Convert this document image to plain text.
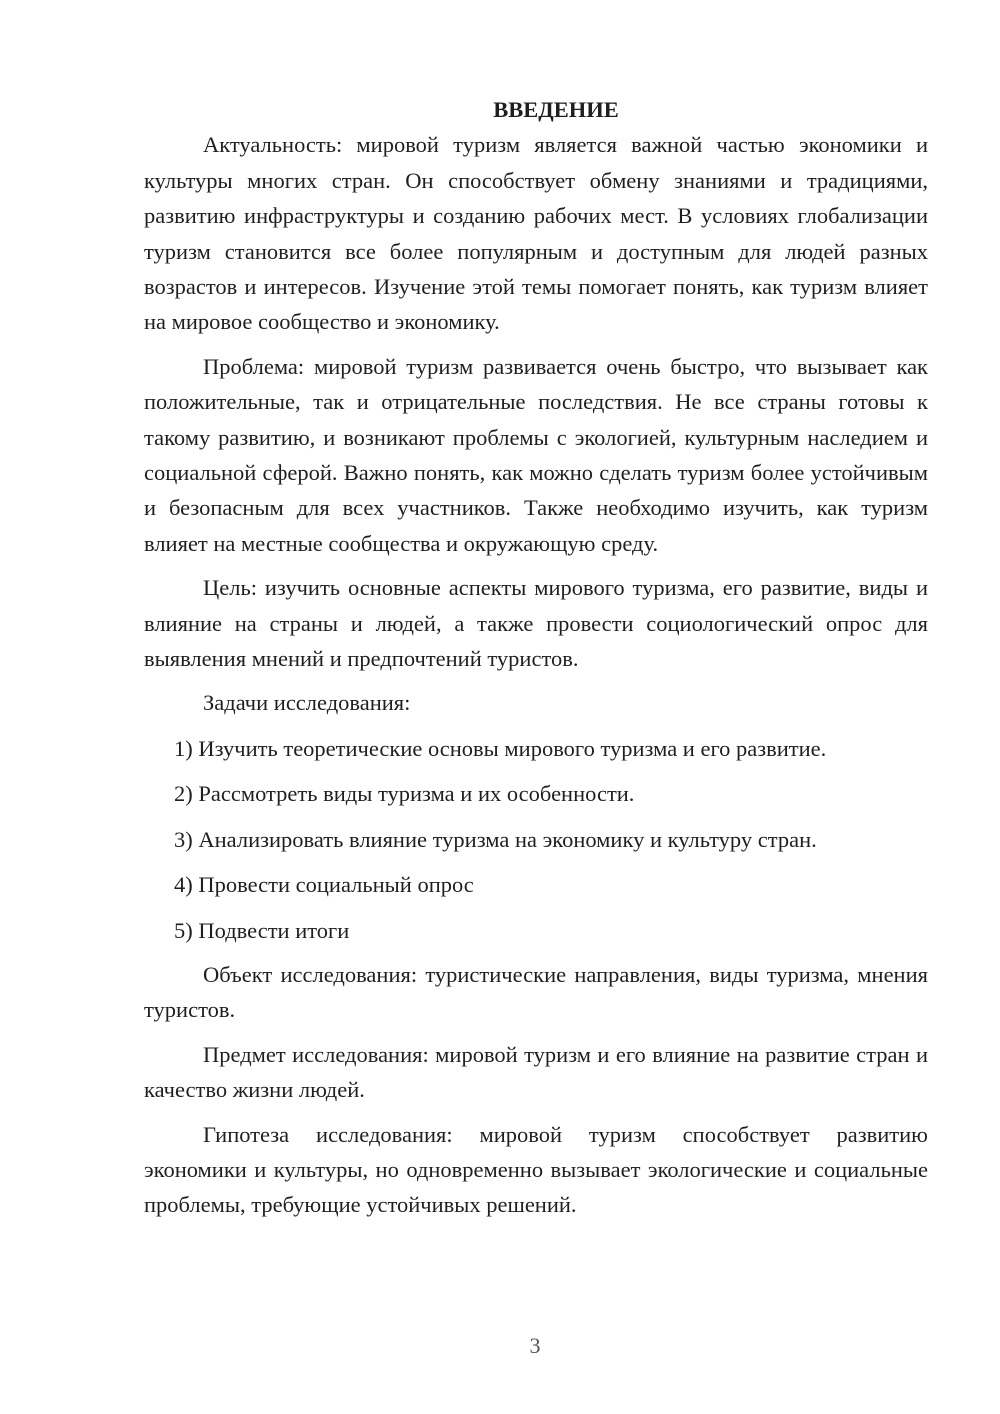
ВВЕДЕНИЕ

Актуальность: мировой туризм является важной частью экономики и культуры многих стран. Он способствует обмену знаниями и традициями, развитию инфраструктуры и созданию рабочих мест. В условиях глобализации туризм становится все более популярным и доступным для людей разных возрастов и интересов. Изучение этой темы помогает понять, как туризм влияет на мировое сообщество и экономику.

Проблема: мировой туризм развивается очень быстро, что вызывает как положительные, так и отрицательные последствия. Не все страны готовы к такому развитию, и возникают проблемы с экологией, культурным наследием и социальной сферой. Важно понять, как можно сделать туризм более устойчивым и безопасным для всех участников. Также необходимо изучить, как туризм влияет на местные сообщества и окружающую среду.

Цель: изучить основные аспекты мирового туризма, его развитие, виды и влияние на страны и людей, а также провести социологический опрос для выявления мнений и предпочтений туристов.

Задачи исследования:

1) Изучить теоретические основы мирового туризма и его развитие.
2) Рассмотреть виды туризма и их особенности.
3) Анализировать влияние туризма на экономику и культуру стран.
4) Провести социальный опрос
5) Подвести итоги

Объект исследования: туристические направления, виды туризма, мнения туристов.

Предмет исследования: мировой туризм и его влияние на развитие стран и качество жизни людей.

Гипотеза исследования: мировой туризм способствует развитию экономики и культуры, но одновременно вызывает экологические и социальные проблемы, требующие устойчивых решений.

3
